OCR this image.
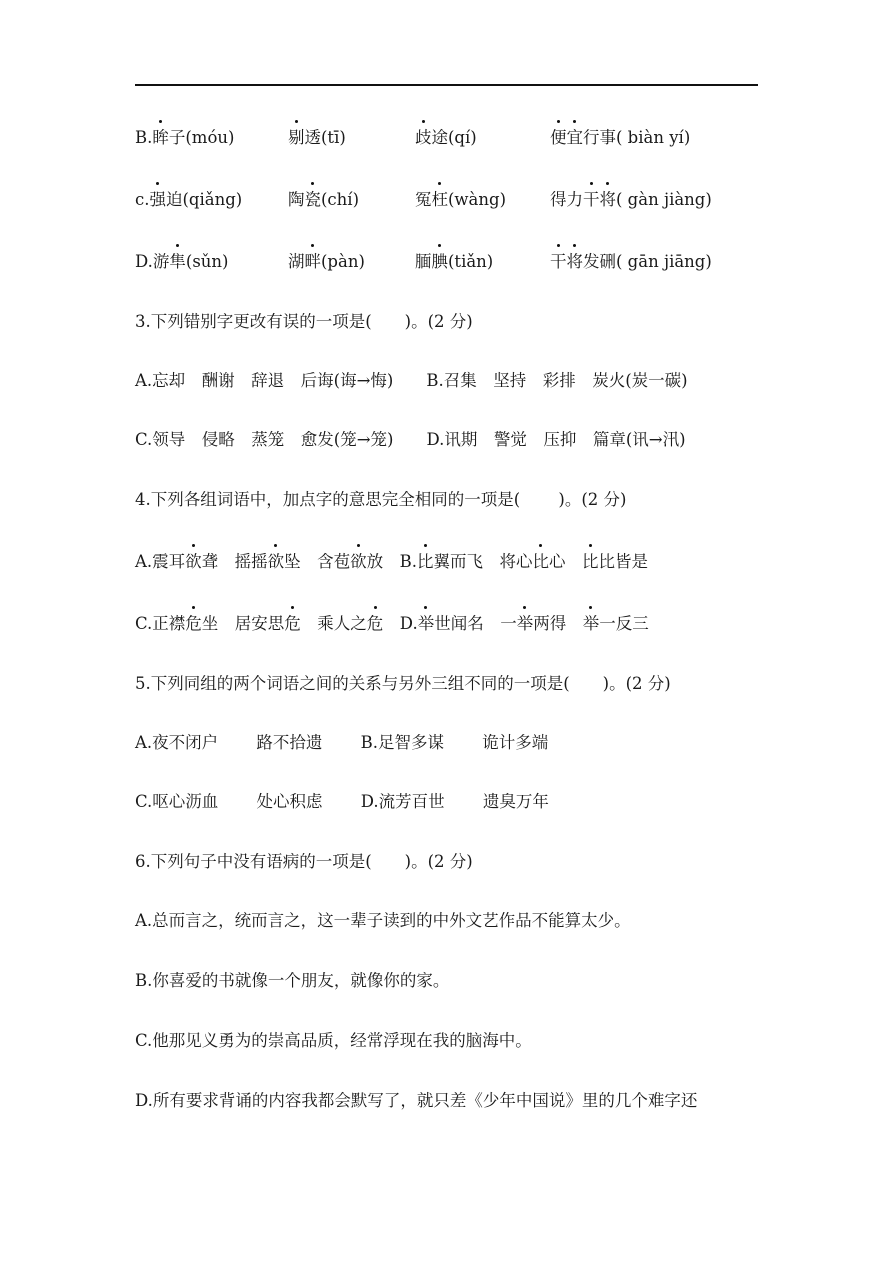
B.眸子(móu)	剔透(tī)	歧途(qí)	便宜行事( biàn yí)
c.强迫(qiǎng)	陶瓷(chí)	冤枉(wàng)	得力干将( gàn jiàng)
D.游隼(sǔn)	湖畔(pàn)	腼腆(tiǎn)	干将发硎( gān jiāng)
3.下列错别字更改有误的一项是(　　)。(2 分)
A.忘却　酬谢　辞退　后诲(诲→悔)　　B.召集　坚持　彩排　炭火(炭一碳)
C.领导　侵略　蒸笼　愈发(笼→笼)　　D.讯期　警觉　压抑　篇章(讯→汛)
4.下列各组词语中，加点字的意思完全相同的一项是(　　 )。(2 分)
A.震耳欲聋　摇摇欲坠　含苞欲放　B.比翼而飞　将心比心　比比皆是
C.正襟危坐　居安思危　乘人之危　D.举世闻名　一举两得　举一反三
5.下列同组的两个词语之间的关系与另外三组不同的一项是(　　)。(2 分)
A.夜不闭户　　 路不拾遗　　 B.足智多谋　　 诡计多端
C.呕心沥血　　 处心积虑　　 D.流芳百世　　 遗臭万年
6.下列句子中没有语病的一项是(　　)。(2 分)
A.总而言之，统而言之，这一辈子读到的中外文艺作品不能算太少。
B.你喜爱的书就像一个朋友，就像你的家。
C.他那见义勇为的崇高品质，经常浮现在我的脑海中。
D.所有要求背诵的内容我都会默写了，就只差《少年中国说》里的几个难字还
